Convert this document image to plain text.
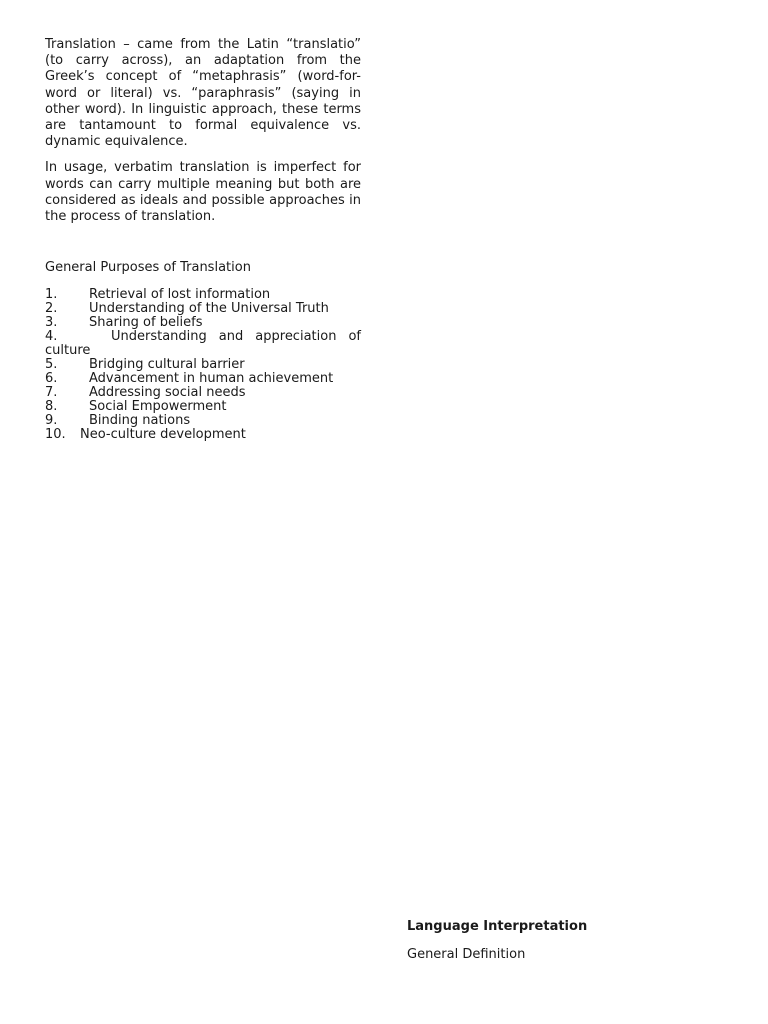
Translation – came from the Latin “translatio” (to carry across), an adaptation from the Greek’s concept of “metaphrasis” (word-for-word or literal) vs. “paraphrasis” (saying in other word). In linguistic approach, these terms are tantamount to formal equivalence vs. dynamic equivalence.

In usage, verbatim translation is imperfect for words can carry multiple meaning but both are considered as ideals and possible approaches in the process of translation.

General Purposes of Translation

1. Retrieval of lost information
2. Understanding of the Universal Truth
3. Sharing of beliefs
4.	Understanding and appreciation of culture
5. Bridging cultural barrier
6. Advancement in human achievement
7. Addressing social needs
8. Social Empowerment
9. Binding nations
10. Neo-culture development

Language Interpretation

General Definition
